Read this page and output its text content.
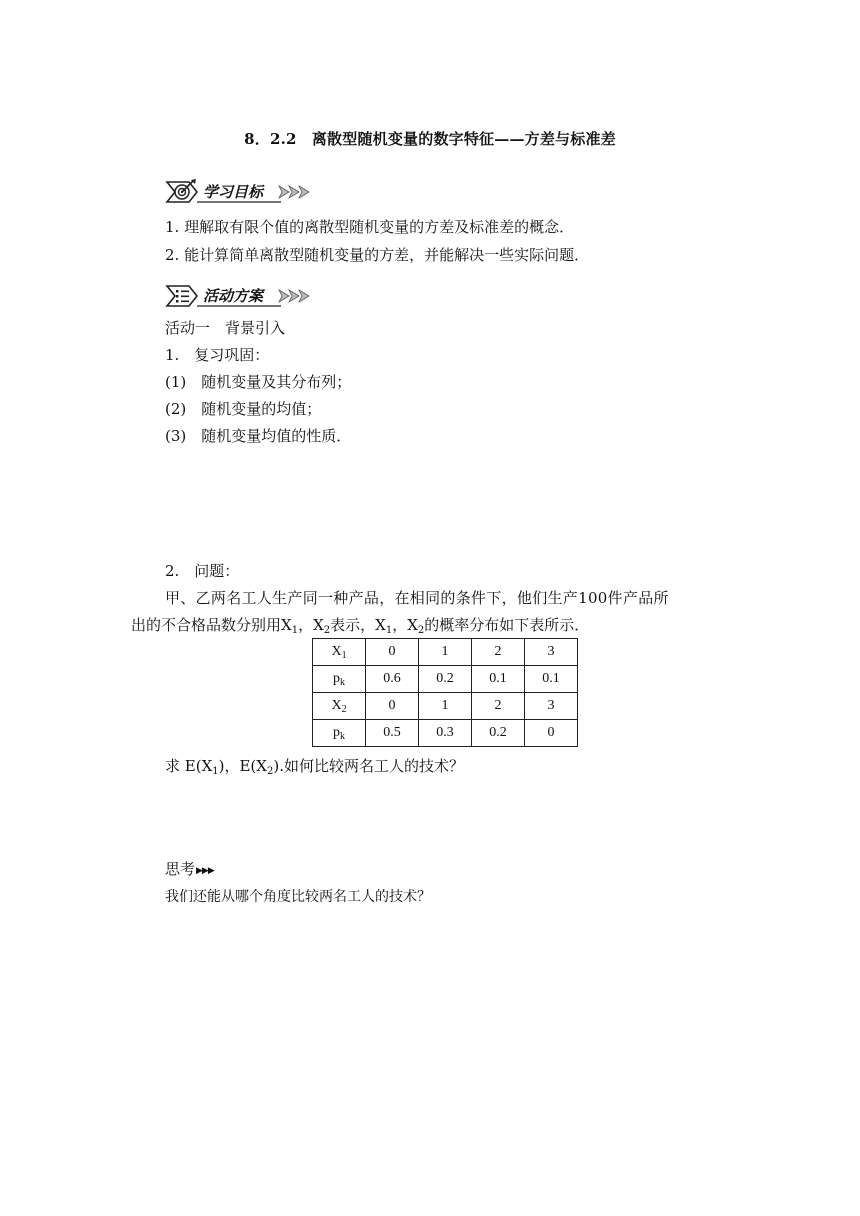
8．2.2　离散型随机变量的数字特征——方差与标准差
学习目标
1. 理解取有限个值的离散型随机变量的方差及标准差的概念．
2. 能计算简单离散型随机变量的方差，并能解决一些实际问题．
活动方案
活动一　背景引入
1.　复习巩固：
(1)　随机变量及其分布列；
(2)　随机变量的均值；
(3)　随机变量均值的性质．
2.　问题：
甲、乙两名工人生产同一种产品，在相同的条件下，他们生产100件产品所
出的不合格品数分别用$X_1$，$X_2$表示，$X_1$，$X_2$的概率分布如下表所示．
$X_1$	0	1	2	3
$p_k$	0.6	0.2	0.1	0.1
$X_2$	0	1	2	3
$p_k$	0.5	0.3	0.2	0
求 $E(X_1)$，$E(X_2)$.如何比较两名工人的技术？
思考▶▶▶
我们还能从哪个角度比较两名工人的技术？
